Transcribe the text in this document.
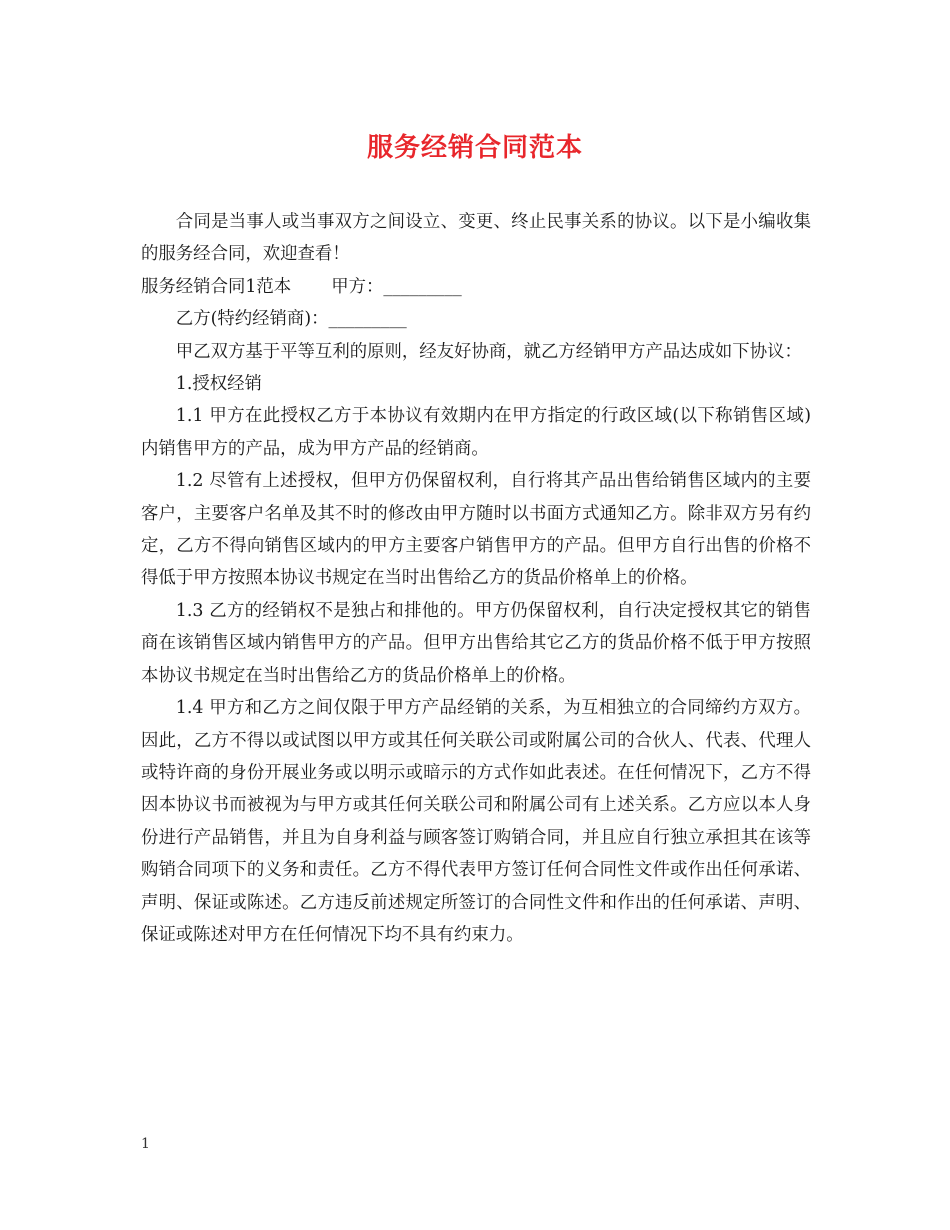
服务经销合同范本

合同是当事人或当事双方之间设立、变更、终止民事关系的协议。以下是小编收集的服务经合同，欢迎查看！

服务经销合同1范本 甲方：_________

乙方(特约经销商)：_________

甲乙双方基于平等互利的原则，经友好协商，就乙方经销甲方产品达成如下协议：

1.授权经销

1.1 甲方在此授权乙方于本协议有效期内在甲方指定的行政区域(以下称销售区域)内销售甲方的产品，成为甲方产品的经销商。

1.2 尽管有上述授权，但甲方仍保留权利，自行将其产品出售给销售区域内的主要客户，主要客户名单及其不时的修改由甲方随时以书面方式通知乙方。除非双方另有约定，乙方不得向销售区域内的甲方主要客户销售甲方的产品。但甲方自行出售的价格不得低于甲方按照本协议书规定在当时出售给乙方的货品价格单上的价格。

1.3 乙方的经销权不是独占和排他的。甲方仍保留权利，自行决定授权其它的销售商在该销售区域内销售甲方的产品。但甲方出售给其它乙方的货品价格不低于甲方按照本协议书规定在当时出售给乙方的货品价格单上的价格。

1.4 甲方和乙方之间仅限于甲方产品经销的关系，为互相独立的合同缔约方双方。因此，乙方不得以或试图以甲方或其任何关联公司或附属公司的合伙人、代表、代理人或特许商的身份开展业务或以明示或暗示的方式作如此表述。在任何情况下，乙方不得因本协议书而被视为与甲方或其任何关联公司和附属公司有上述关系。乙方应以本人身份进行产品销售，并且为自身利益与顾客签订购销合同，并且应自行独立承担其在该等购销合同项下的义务和责任。乙方不得代表甲方签订任何合同性文件或作出任何承诺、声明、保证或陈述。乙方违反前述规定所签订的合同性文件和作出的任何承诺、声明、保证或陈述对甲方在任何情况下均不具有约束力。

1
